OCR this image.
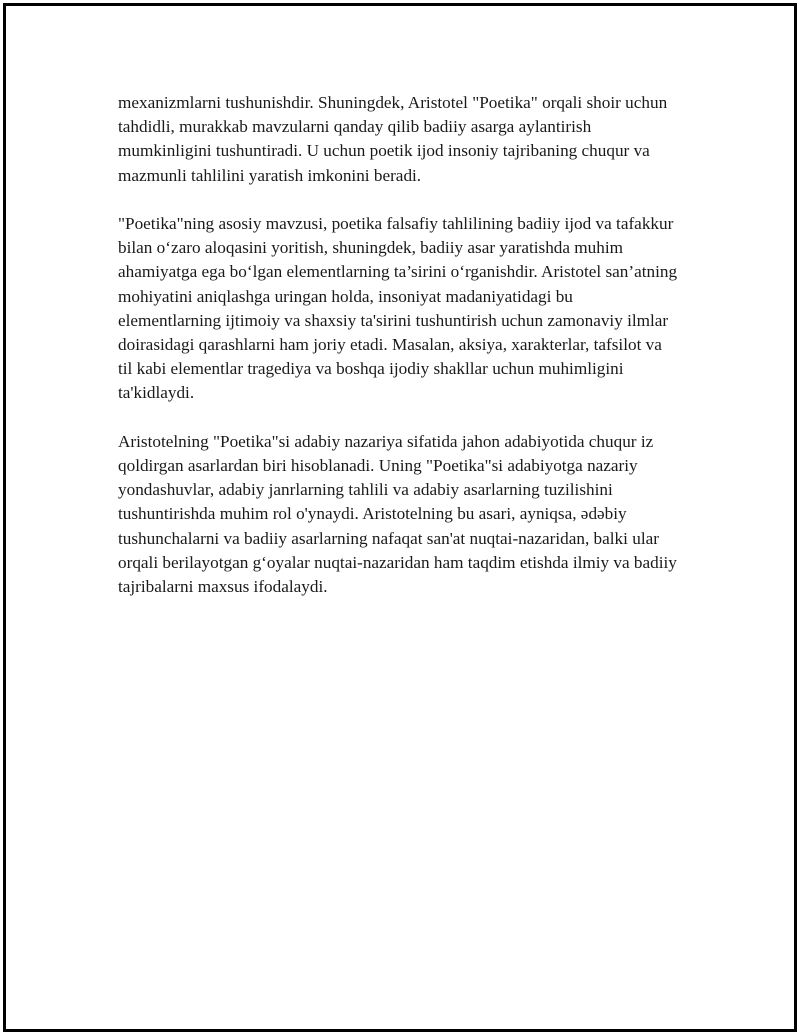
mexanizmlarni tushunishdir. Shuningdek, Aristotel "Poetika" orqali shoir uchun tahdidli, murakkab mavzularni qanday qilib badiiy asarga aylantirish mumkinligini tushuntiradi. U uchun poetik ijod insoniy tajribaning chuqur va mazmunli tahlilini yaratish imkonini beradi.

"Poetika"ning asosiy mavzusi, poetika falsafiy tahlilining badiiy ijod va tafakkur bilan oʻzaro aloqasini yoritish, shuningdek, badiiy asar yaratishda muhim ahamiyatga ega boʻlgan elementlarning ta’sirini oʻrganishdir. Aristotel san’atning mohiyatini aniqlashga uringan holda, insoniyat madaniyatidagi bu elementlarning ijtimoiy va shaxsiy ta'sirini tushuntirish uchun zamonaviy ilmlar doirasidagi qarashlarni ham joriy etadi. Masalan, aksiya, xarakterlar, tafsilot va til kabi elementlar tragediya va boshqa ijodiy shakllar uchun muhimligini ta'kidlaydi.

Aristotelning "Poetika"si adabiy nazariya sifatida jahon adabiyotida chuqur iz qoldirgan asarlardan biri hisoblanadi. Uning "Poetika"si adabiyotga nazariy yondashuvlar, adabiy janrlarning tahlili va adabiy asarlarning tuzilishini tushuntirishda muhim rol o'ynaydi. Aristotelning bu asari, ayniqsa, ədəbiy tushunchalarni va badiiy asarlarning nafaqat san'at nuqtai-nazaridan, balki ular orqali berilayotgan gʻoyalar nuqtai-nazaridan ham taqdim etishda ilmiy va badiiy tajribalarni maxsus ifodalaydi.
